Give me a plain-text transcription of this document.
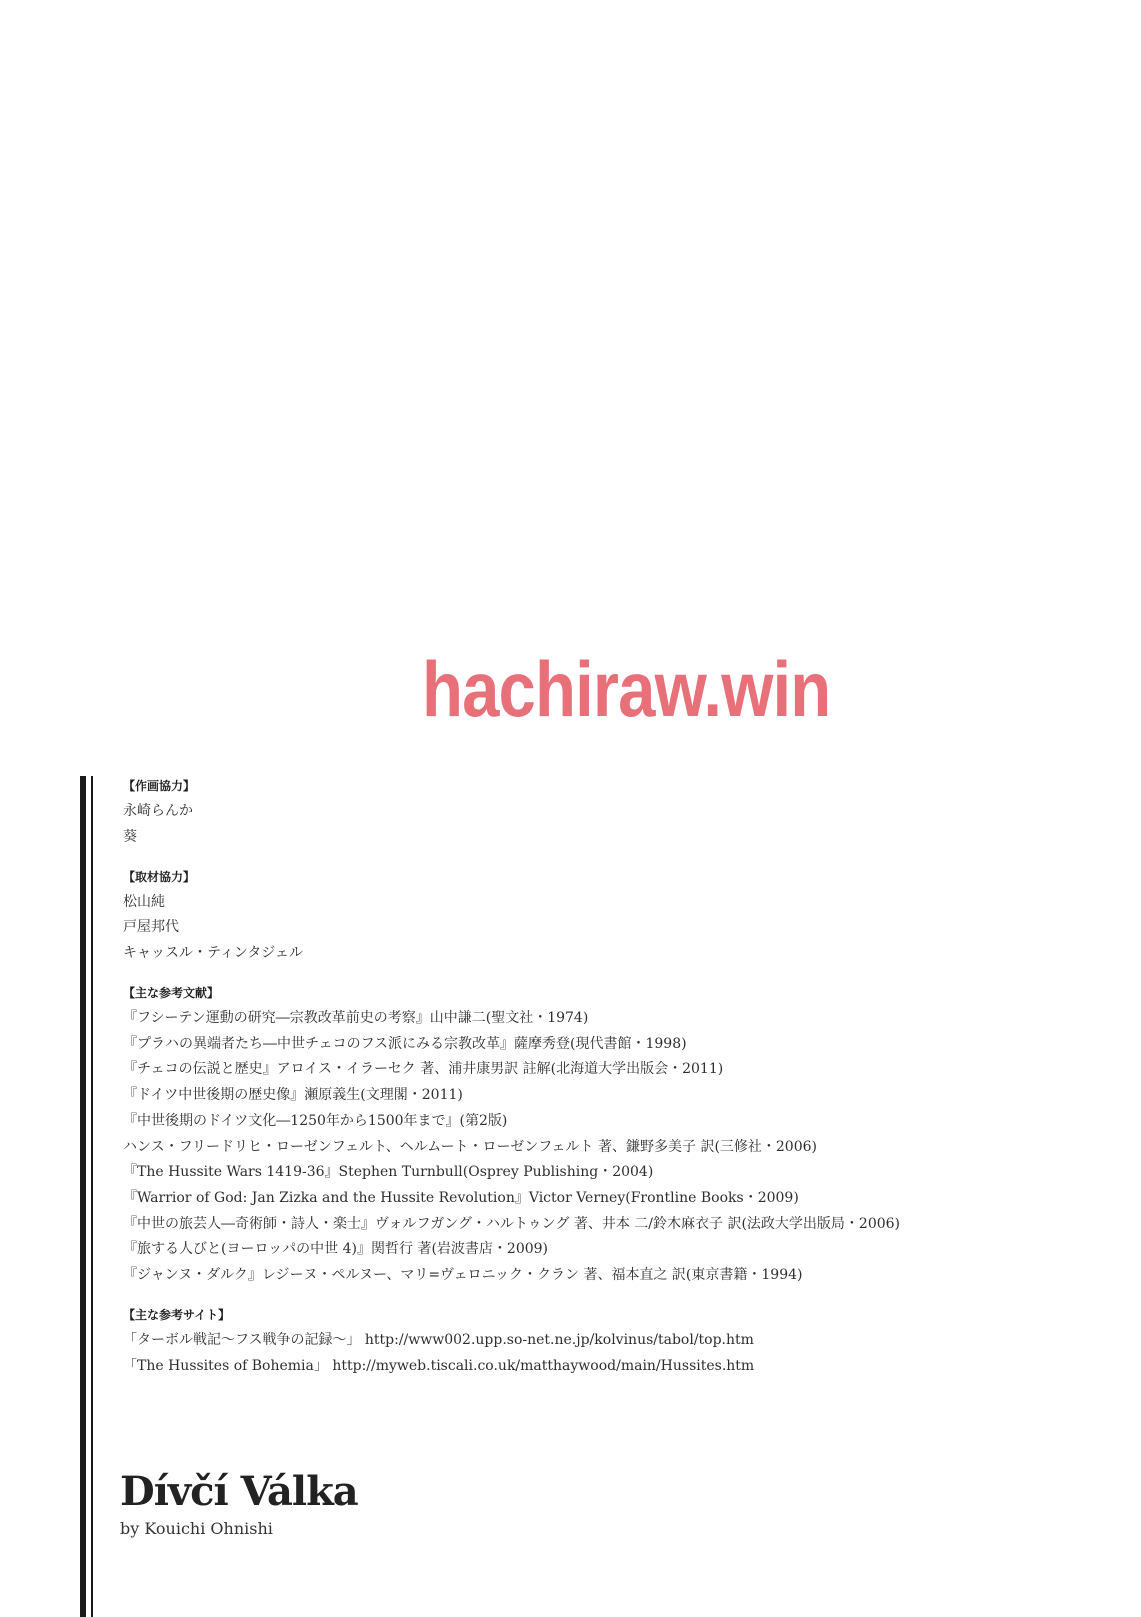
hachiraw.win
【作画協力】
永崎らんか
葵
【取材協力】
松山純
戸屋邦代
キャッスル・ティンタジェル
【主な参考文献】
『フシーテン運動の研究―宗教改革前史の考察』山中謙二(聖文社・1974)
『プラハの異端者たち―中世チェコのフス派にみる宗教改革』薩摩秀登(現代書館・1998)
『チェコの伝説と歴史』アロイス・イラーセク 著、浦井康男訳 註解(北海道大学出版会・2011)
『ドイツ中世後期の歴史像』瀬原義生(文理閣・2011)
『中世後期のドイツ文化―1250年から1500年まで』(第2版)
ハンス・フリードリヒ・ローゼンフェルト、ヘルムート・ローゼンフェルト 著、鎌野多美子 訳(三修社・2006)
『The Hussite Wars 1419-36』Stephen Turnbull(Osprey Publishing・2004)
『Warrior of God: Jan Zizka and the Hussite Revolution』Victor Verney(Frontline Books・2009)
『中世の旅芸人―奇術師・詩人・楽士』ヴォルフガング・ハルトゥング 著、井本 二/鈴木麻衣子 訳(法政大学出版局・2006)
『旅する人びと(ヨーロッパの中世 4)』関哲行 著(岩波書店・2009)
『ジャンヌ・ダルク』レジーヌ・ペルヌー、マリ=ヴェロニック・クラン 著、福本直之 訳(東京書籍・1994)
【主な参考サイト】
「ターボル戦記～フス戦争の記録～」 http://www002.upp.so-net.ne.jp/kolvinus/tabol/top.htm
「The Hussites of Bohemia」 http://myweb.tiscali.co.uk/matthaywood/main/Hussites.htm
Dívčí Válka
by Kouichi Ohnishi
